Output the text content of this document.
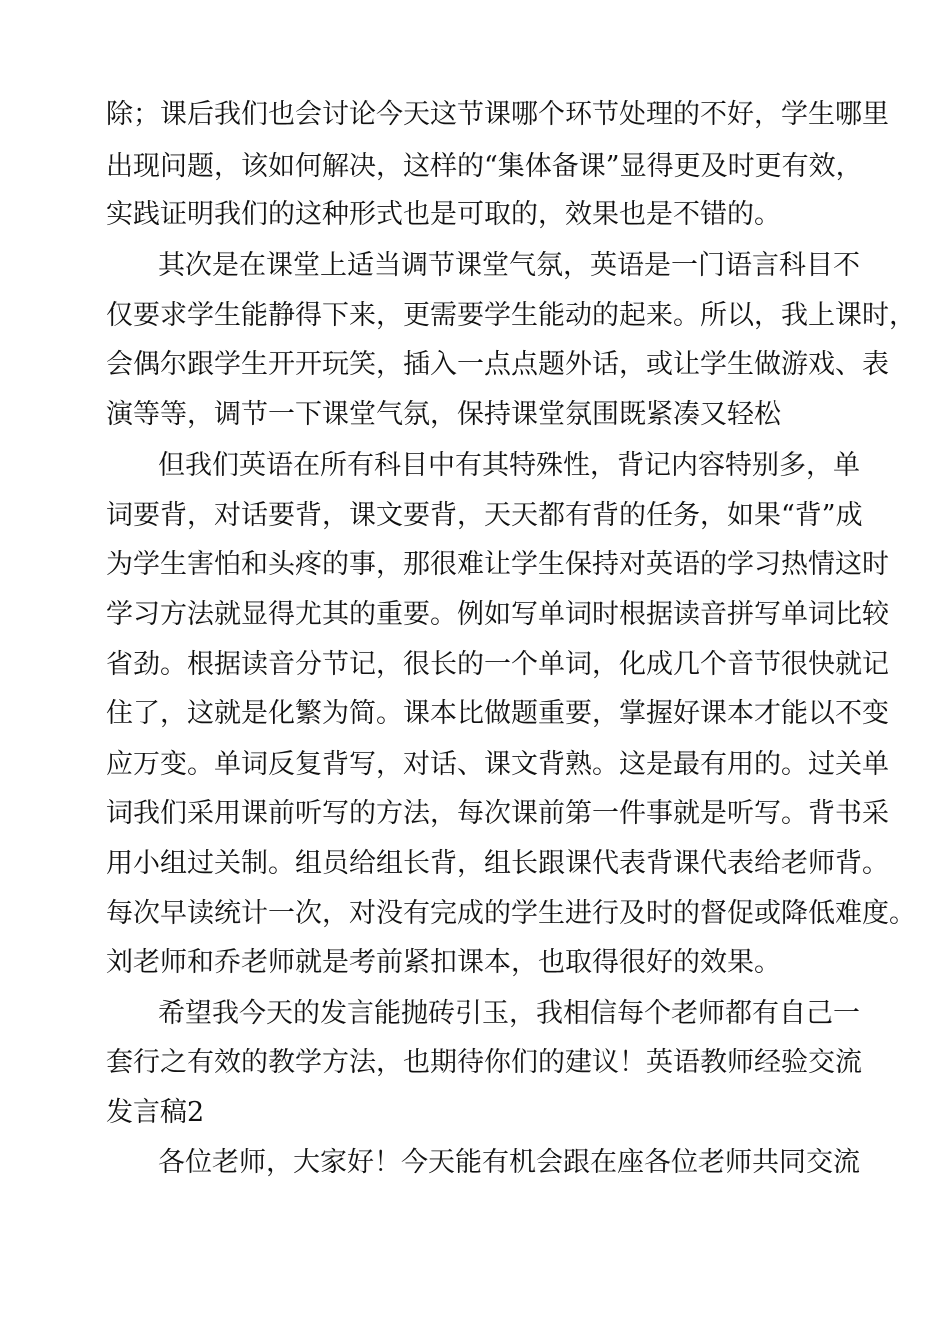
除；课后我们也会讨论今天这节课哪个环节处理的不好，学生哪里
出现问题，该如何解决，这样的“集体备课”显得更及时更有效，
实践证明我们的这种形式也是可取的，效果也是不错的。
其次是在课堂上适当调节课堂气氛，英语是一门语言科目不
仅要求学生能静得下来，更需要学生能动的起来。所以，我上课时，
会偶尔跟学生开开玩笑，插入一点点题外话，或让学生做游戏、表
演等等，调节一下课堂气氛，保持课堂氛围既紧凑又轻松
但我们英语在所有科目中有其特殊性，背记内容特别多，单
词要背，对话要背，课文要背，天天都有背的任务，如果“背”成
为学生害怕和头疼的事，那很难让学生保持对英语的学习热情这时
学习方法就显得尤其的重要。例如写单词时根据读音拼写单词比较
省劲。根据读音分节记，很长的一个单词，化成几个音节很快就记
住了，这就是化繁为简。课本比做题重要，掌握好课本才能以不变
应万变。单词反复背写，对话、课文背熟。这是最有用的。过关单
词我们采用课前听写的方法，每次课前第一件事就是听写。背书采
用小组过关制。组员给组长背，组长跟课代表背课代表给老师背。
每次早读统计一次，对没有完成的学生进行及时的督促或降低难度。
刘老师和乔老师就是考前紧扣课本，也取得很好的效果。
希望我今天的发言能抛砖引玉，我相信每个老师都有自己一
套行之有效的教学方法，也期待你们的建议！英语教师经验交流
发言稿2
各位老师，大家好！今天能有机会跟在座各位老师共同交流
